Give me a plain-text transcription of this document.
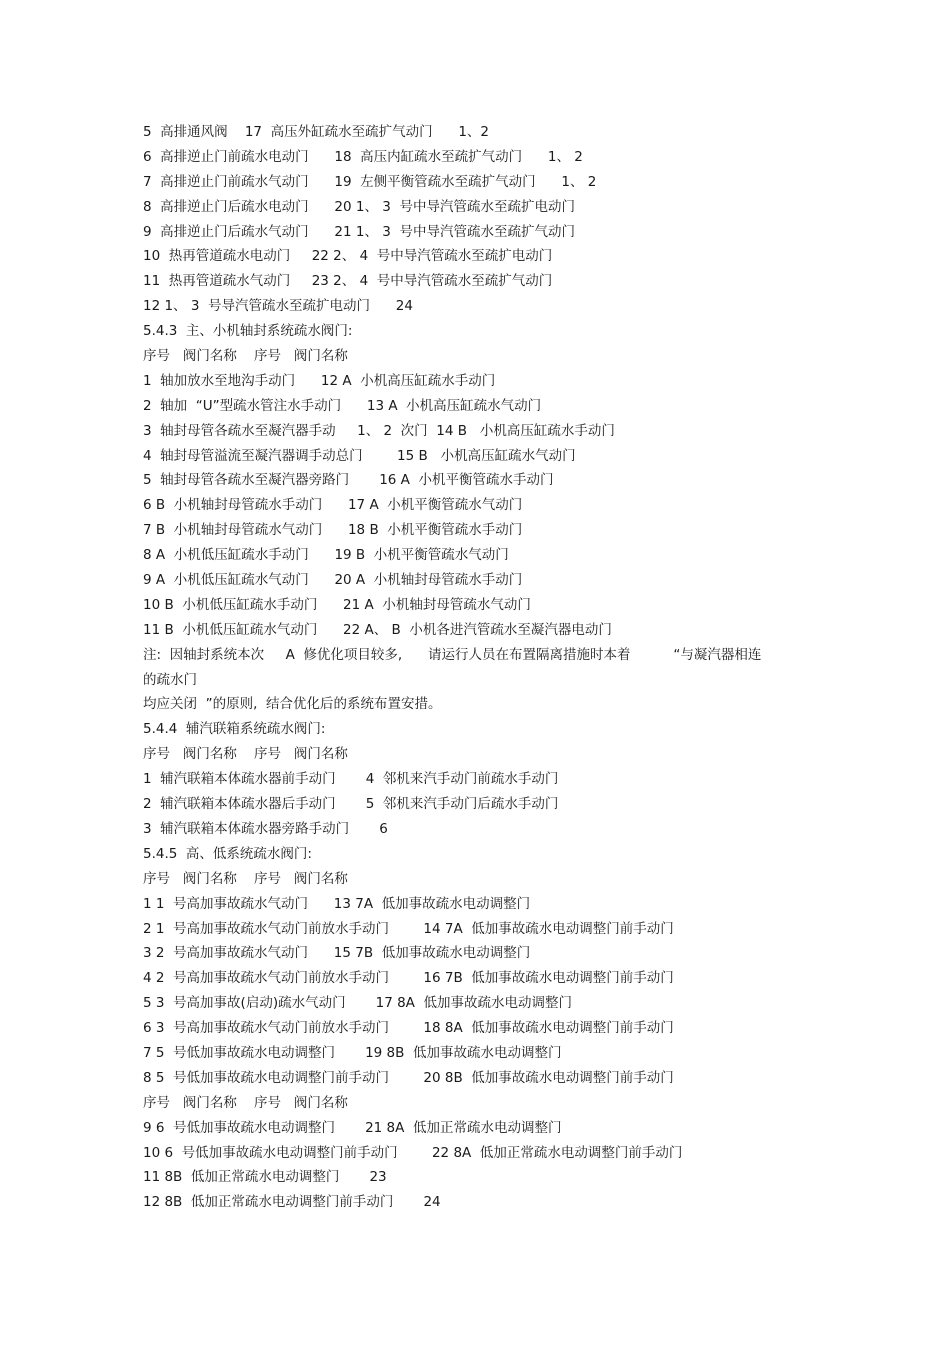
5  高排通风阀    17  高压外缸疏水至疏扩气动门      1、2
6  高排逆止门前疏水电动门      18  高压内缸疏水至疏扩气动门      1、 2
7  高排逆止门前疏水气动门      19  左侧平衡管疏水至疏扩气动门      1、 2
8  高排逆止门后疏水电动门      20 1、 3  号中导汽管疏水至疏扩电动门
9  高排逆止门后疏水气动门      21 1、 3  号中导汽管疏水至疏扩气动门
10  热再管道疏水电动门     22 2、 4  号中导汽管疏水至疏扩电动门
11  热再管道疏水气动门     23 2、 4  号中导汽管疏水至疏扩气动门
12 1、 3  号导汽管疏水至疏扩电动门      24
5.4.3  主、小机轴封系统疏水阀门:
序号   阀门名称    序号   阀门名称
1  轴加放水至地沟手动门      12 A  小机高压缸疏水手动门
2  轴加  “U”型疏水管注水手动门      13 A  小机高压缸疏水气动门
3  轴封母管各疏水至凝汽器手动     1、 2  次门  14 B   小机高压缸疏水手动门
4  轴封母管溢流至凝汽器调手动总门        15 B   小机高压缸疏水气动门
5  轴封母管各疏水至凝汽器旁路门       16 A  小机平衡管疏水手动门
6 B  小机轴封母管疏水手动门      17 A  小机平衡管疏水气动门
7 B  小机轴封母管疏水气动门      18 B  小机平衡管疏水手动门
8 A  小机低压缸疏水手动门      19 B  小机平衡管疏水气动门
9 A  小机低压缸疏水气动门      20 A  小机轴封母管疏水手动门
10 B  小机低压缸疏水手动门      21 A  小机轴封母管疏水气动门
11 B  小机低压缸疏水气动门      22 A、 B  小机各进汽管疏水至凝汽器电动门
注:  因轴封系统本次     A  修优化项目较多,      请运行人员在布置隔离措施时本着          “与凝汽器相连
的疏水门
均应关闭  ”的原则,  结合优化后的系统布置安措。
5.4.4  辅汽联箱系统疏水阀门:
序号   阀门名称    序号   阀门名称
1  辅汽联箱本体疏水器前手动门       4  邻机来汽手动门前疏水手动门
2  辅汽联箱本体疏水器后手动门       5  邻机来汽手动门后疏水手动门
3  辅汽联箱本体疏水器旁路手动门       6
5.4.5  高、低系统疏水阀门:
序号   阀门名称    序号   阀门名称
1 1  号高加事故疏水气动门      13 7A  低加事故疏水电动调整门
2 1  号高加事故疏水气动门前放水手动门        14 7A  低加事故疏水电动调整门前手动门
3 2  号高加事故疏水气动门      15 7B  低加事故疏水电动调整门
4 2  号高加事故疏水气动门前放水手动门        16 7B  低加事故疏水电动调整门前手动门
5 3  号高加事故(启动)疏水气动门       17 8A  低加事故疏水电动调整门
6 3  号高加事故疏水气动门前放水手动门        18 8A  低加事故疏水电动调整门前手动门
7 5  号低加事故疏水电动调整门       19 8B  低加事故疏水电动调整门
8 5  号低加事故疏水电动调整门前手动门        20 8B  低加事故疏水电动调整门前手动门
序号   阀门名称    序号   阀门名称
9 6  号低加事故疏水电动调整门       21 8A  低加正常疏水电动调整门
10 6  号低加事故疏水电动调整门前手动门        22 8A  低加正常疏水电动调整门前手动门
11 8B  低加正常疏水电动调整门       23
12 8B  低加正常疏水电动调整门前手动门       24
